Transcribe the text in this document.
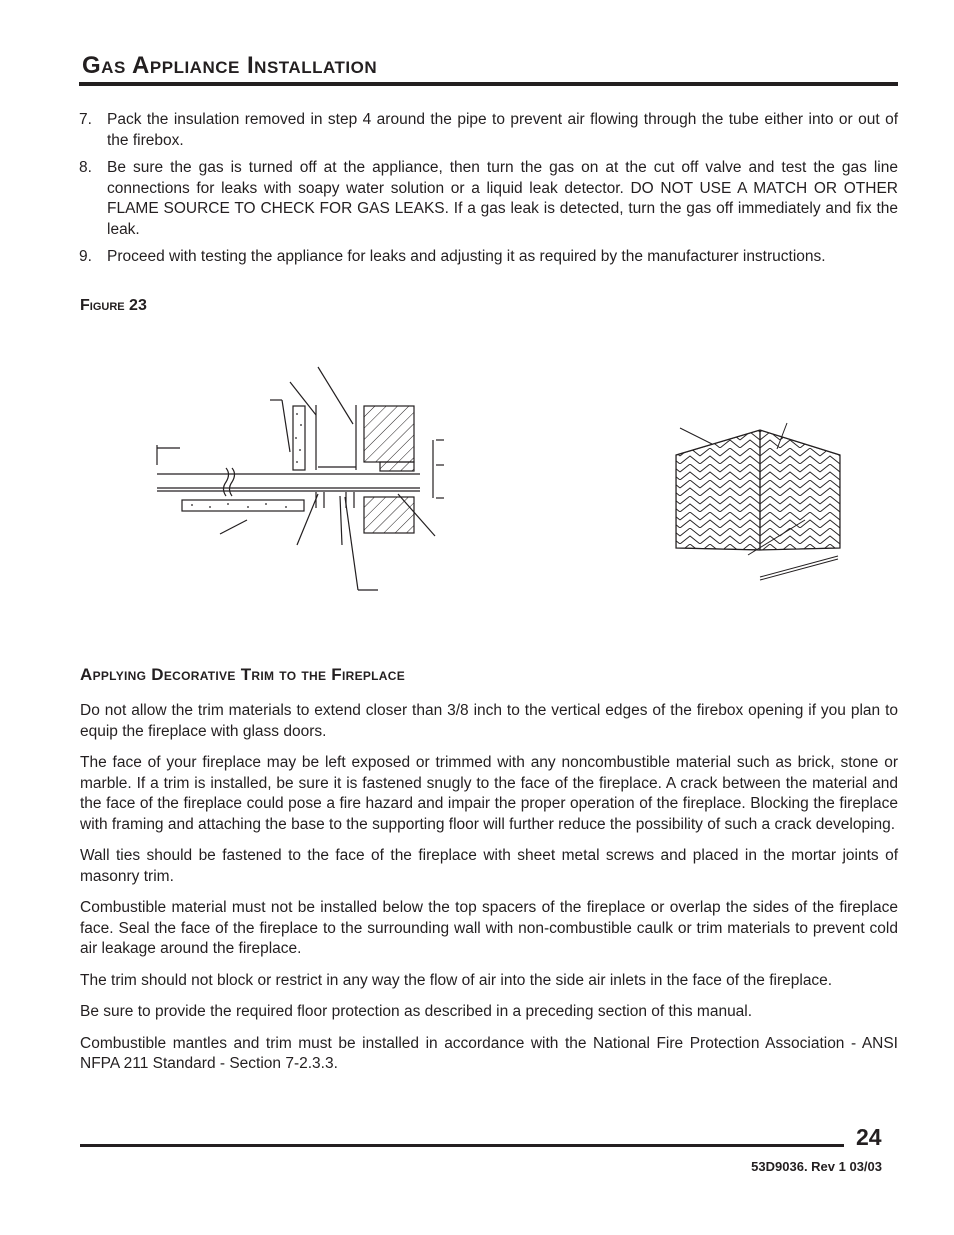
Gas Appliance Installation
7. Pack the insulation removed in step 4 around the pipe to prevent air flowing through the tube either into or out of the firebox.
8. Be sure the gas is turned off at the appliance, then turn the gas on at the cut off valve and test the gas line connections for leaks with soapy water solution or a liquid leak detector. DO NOT USE A MATCH OR OTHER FLAME SOURCE TO CHECK FOR GAS LEAKS. If a gas leak is detected, turn the gas off immediately and fix the leak.
9. Proceed with testing the appliance for leaks and adjusting it as required by the manufacturer instructions.
Figure 23
Applying Decorative Trim to the Fireplace

Do not allow the trim materials to extend closer than 3/8 inch to the vertical edges of the firebox opening if you plan to equip the fireplace with glass doors.

The face of your fireplace may be left exposed or trimmed with any noncombustible material such as brick, stone or marble. If a trim is installed, be sure it is fastened snugly to the face of the fireplace. A crack between the material and the face of the fireplace could pose a fire hazard and impair the proper operation of the fireplace. Blocking the fireplace with framing and attaching the base to the supporting floor will further reduce the possibility of such a crack developing.

Wall ties should be fastened to the face of the fireplace with sheet metal screws and placed in the mortar joints of masonry trim.

Combustible material must not be installed below the top spacers of the fireplace or overlap the sides of the fireplace face. Seal the face of the fireplace to the surrounding wall with non-combustible caulk or trim materials to prevent cold air leakage around the fireplace.

The trim should not block or restrict in any way the flow of air into the side air inlets in the face of the fireplace.

Be sure to provide the required floor protection as described in a preceding section of this manual.

Combustible mantles and trim must be installed in accordance with the National Fire Protection Association - ANSI NFPA 211 Standard - Section 7-2.3.3.

24
53D9036. Rev 1 03/03
